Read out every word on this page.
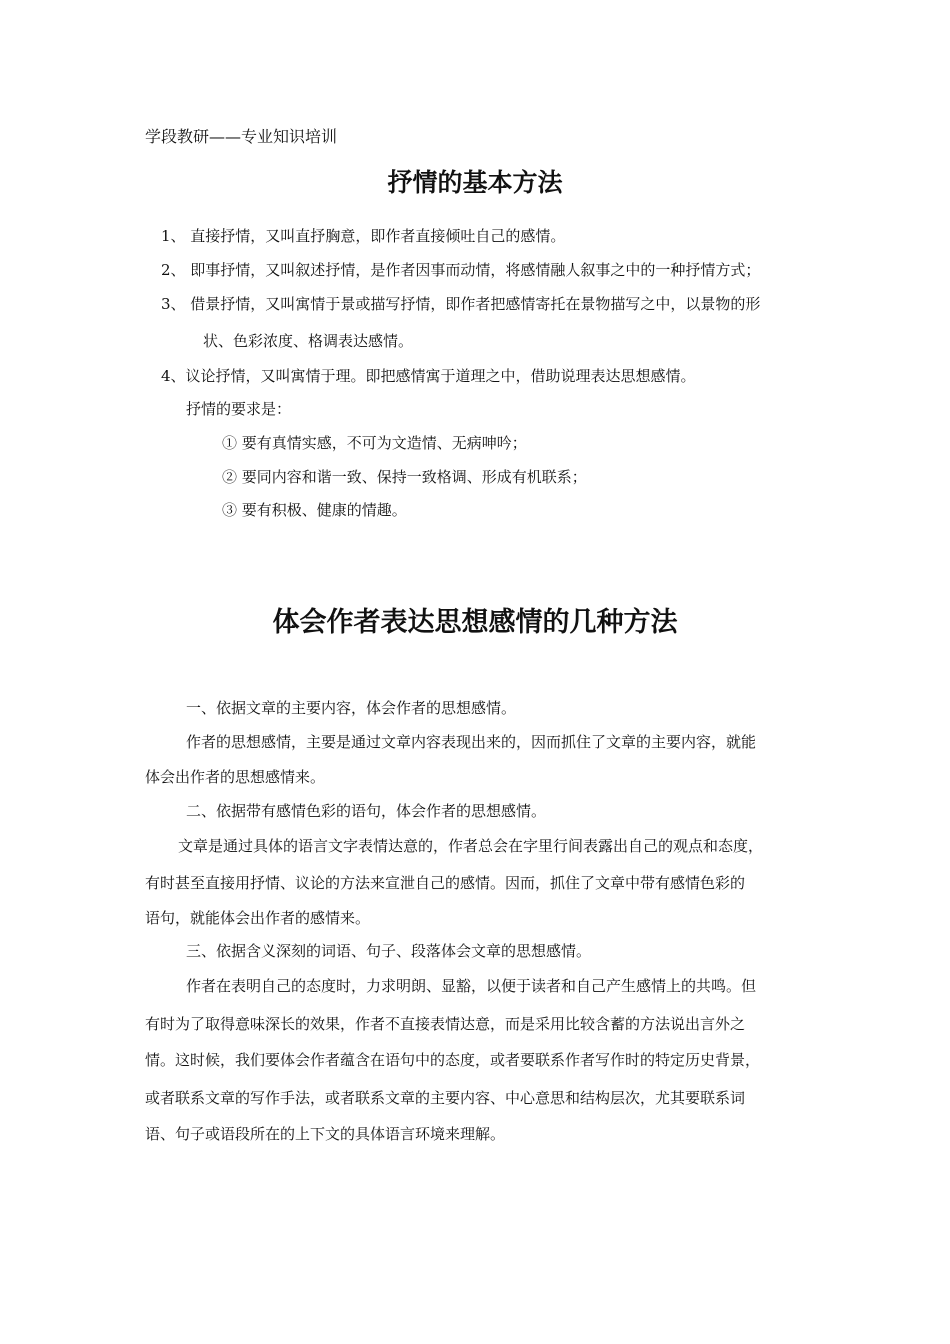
学段教研——专业知识培训
抒情的基本方法
1、 直接抒情，又叫直抒胸意，即作者直接倾吐自己的感情。
2、 即事抒情，又叫叙述抒情，是作者因事而动情，将感情融人叙事之中的一种抒情方式；
3、 借景抒情，又叫寓情于景或描写抒情，即作者把感情寄托在景物描写之中，以景物的形
状、色彩浓度、格调表达感情。
4、议论抒情，又叫寓情于理。即把感情寓于道理之中，借助说理表达思想感情。
抒情的要求是：
① 要有真情实感，不可为文造情、无病呻吟；
② 要同内容和谐一致、保持一致格调、形成有机联系；
③ 要有积极、健康的情趣。
体会作者表达思想感情的几种方法
一、依据文章的主要内容，体会作者的思想感情。
作者的思想感情，主要是通过文章内容表现出来的，因而抓住了文章的主要内容，就能
体会出作者的思想感情来。
二、依据带有感情色彩的语句，体会作者的思想感情。
文章是通过具体的语言文字表情达意的，作者总会在字里行间表露出自己的观点和态度，
有时甚至直接用抒情、议论的方法来宣泄自己的感情。因而，抓住了文章中带有感情色彩的
语句，就能体会出作者的感情来。
三、依据含义深刻的词语、句子、段落体会文章的思想感情。
作者在表明自己的态度时，力求明朗、显豁，以便于读者和自己产生感情上的共鸣。但
有时为了取得意味深长的效果，作者不直接表情达意，而是采用比较含蓄的方法说出言外之
情。这时候，我们要体会作者蕴含在语句中的态度，或者要联系作者写作时的特定历史背景，
或者联系文章的写作手法，或者联系文章的主要内容、中心意思和结构层次，尤其要联系词
语、句子或语段所在的上下文的具体语言环境来理解。
